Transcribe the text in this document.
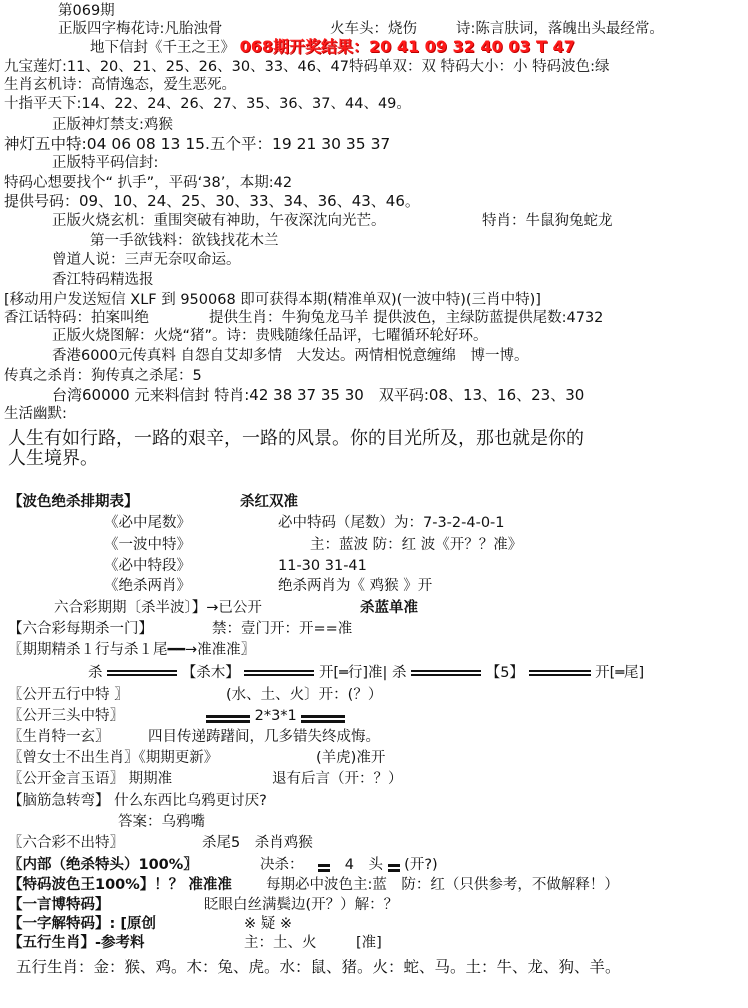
第069期
正版四字梅花诗:凡胎浊骨	火车头：烧伤	诗:陈言肤词，落魄出头最经常。
地下信封《千王之王》 068期开奖结果：20 41 09 32 40 03 T 47
九宝莲灯:11、20、21、25、26、30、33、46、47特码单双：双 特码大小：小 特码波色:绿
生肖玄机诗：高情逸态，爱生恶死。
十指平天下:14、22、24、26、27、35、36、37、44、49。
正版神灯禁支:鸡猴
神灯五中特:04 06 08 13 15.五个平：19 21 30 35 37
正版特平码信封:
特码心想要找个“ 扒手”，平码‘38’，本期:42
提供号码：09、10、24、25、30、33、34、36、43、46。
正版火烧玄机：重围突破有神助，午夜深沈向光芒。	特肖：牛鼠狗兔蛇龙
第一手欲钱料：欲钱找花木兰
曾道人说：三声无奈叹命运。
香江特码精选报
[移动用户发送短信 XLF 到 950068 即可获得本期(精准单双)(一波中特)(三肖中特)]
香江话特码：拍案叫绝	提供生肖：牛狗兔龙马羊 提供波色，主绿防蓝提供尾数:4732
正版火烧图解：火烧“猪”。诗：贵贱随缘任品评，七曜循环轮好环。
香港6000元传真料 自怨自艾却多情　大发达。两情相悦意缠绵　博一博。
传真之杀肖：狗传真之杀尾：5
台湾60000 元来料信封 特肖:42 38 37 35 30　双平码:08、13、16、23、30
生活幽默:
人生有如行路，一路的艰辛，一路的风景。你的目光所及，那也就是你的
人生境界。
【波色绝杀排期表】	杀红双准
《必中尾数》	必中特码（尾数）为：7-3-2-4-0-1
《一波中特》	主：蓝波 防：红 波《开？？准》
《必中特段》	11-30 31-41
《绝杀两肖》	绝杀两肖为《 鸡猴 》开
六合彩期期〔杀半波〕】→已公开	杀蓝单准
【六合彩每期杀一门】	禁：壹门开：开==准
〖期期精杀１行与杀１尾━━→准准准〗
杀	【杀木】	开[═行]准| 杀	【5】	开[═尾]
〖公开五行中特 〗	(水、土、火〕开：(？）
〖公开三头中特〗	2*3*1
〖生肖特一玄〗	四目传递踌躇间，几多错失终成悔。
〖曾女士不出生肖〗《期期更新》	(羊虎)准开
〖公开金言玉语〗 期期准	退有后言（开：？）
【脑筋急转弯】 什么东西比乌鸦更讨厌?
答案：乌鸦嘴
〖六合彩不出特〗	杀尾5　杀肖鸡猴
〖内部（绝杀特头）100%〗	决杀：	4　头 (开?)
【特码波色王100%】！？ 准准准 每期必中波色主:蓝　防：红（只供参考，不做解释！）
【一言博特码】	眨眼白丝满鬓边(开？）解：？
【一字解特码】: [原创	※ 疑 ※
【五行生肖】-参考料	主：土、火	[准]
五行生肖：金：猴、鸡。木：兔、虎。水：鼠、猪。火：蛇、马。土：牛、龙、狗、羊。
